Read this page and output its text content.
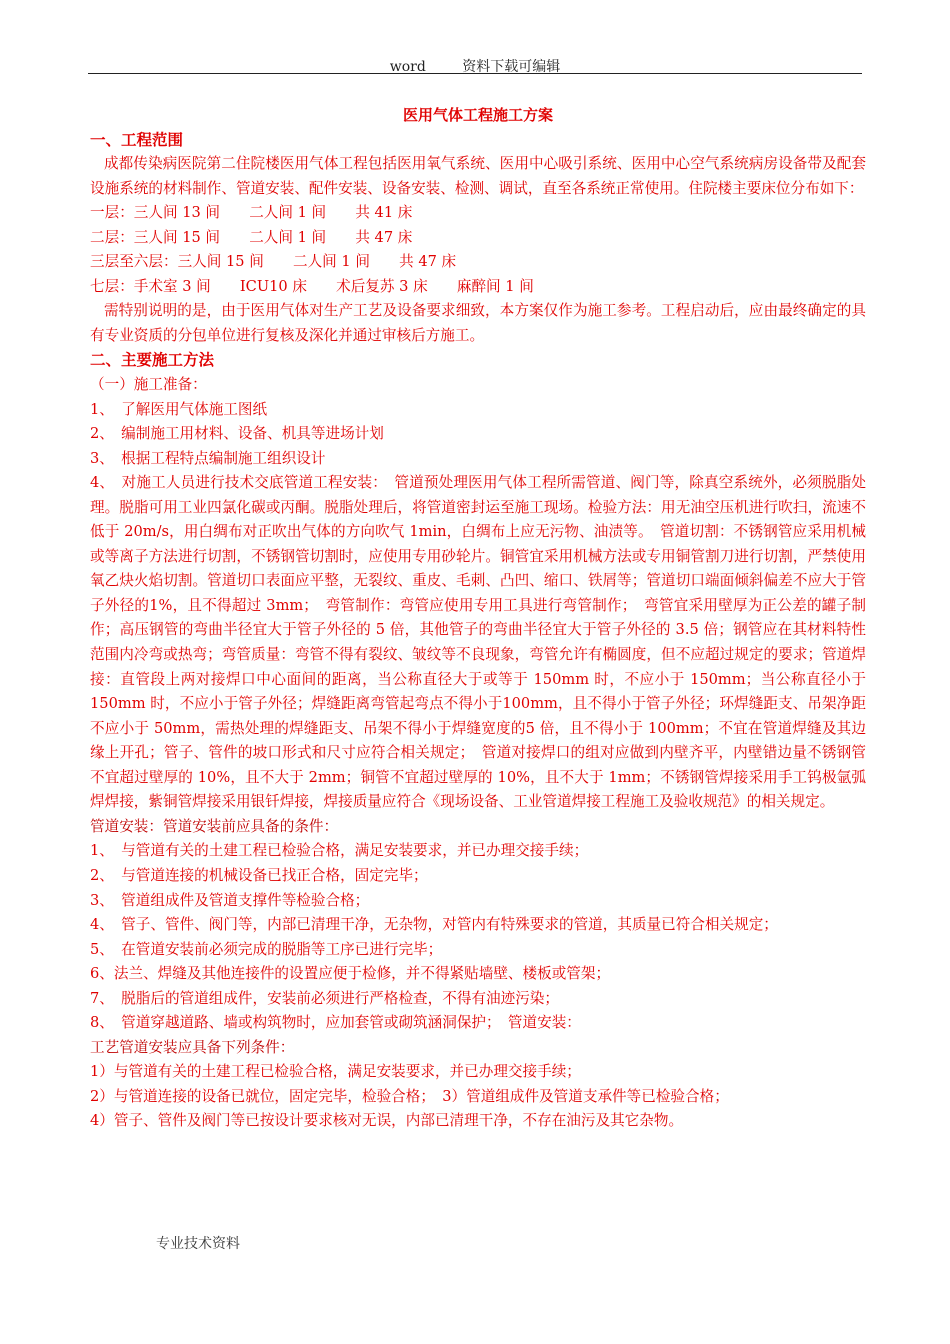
word	资料下载可编辑

医用气体工程施工方案

一、工程范围

成都传染病医院第二住院楼医用气体工程包括医用氧气系统、医用中心吸引系统、医用中心空气系统病房设备带及配套设施系统的材料制作、管道安装、配件安装、设备安装、检测、调试，直至各系统正常使用。住院楼主要床位分布如下：

一层：三人间 13 间　　二人间 1 间　　共 41 床

二层：三人间 15 间　　二人间 1 间　　共 47 床

三层至六层：三人间 15 间　　二人间 1 间　　共 47 床

七层：手术室 3 间　　ICU10 床　　术后复苏 3 床　　麻醉间 1 间

需特别说明的是，由于医用气体对生产工艺及设备要求细致，本方案仅作为施工参考。工程启动后，应由最终确定的具有专业资质的分包单位进行复核及深化并通过审核后方施工。

二、主要施工方法

（一）施工准备：

1、　了解医用气体施工图纸

2、　编制施工用材料、设备、机具等进场计划

3、　根据工程特点编制施工组织设计

4、　对施工人员进行技术交底管道工程安装：　管道预处理医用气体工程所需管道、阀门等，除真空系统外，必须脱脂处理。脱脂可用工业四氯化碳或丙酮。脱脂处理后，将管道密封运至施工现场。检验方法：用无油空压机进行吹扫，流速不低于 20m/s，用白绸布对正吹出气体的方向吹气 1min，白绸布上应无污物、油渍等。　管道切割：不锈钢管应采用机械或等离子方法进行切割，不锈钢管切割时，应使用专用砂轮片。铜管宜采用机械方法或专用铜管割刀进行切割，严禁使用氧乙炔火焰切割。管道切口表面应平整，无裂纹、重皮、毛刺、凸凹、缩口、铁屑等；管道切口端面倾斜偏差不应大于管子外径的1%，且不得超过 3mm；　弯管制作：弯管应使用专用工具进行弯管制作；　弯管宜采用壁厚为正公差的罐子制作；高压钢管的弯曲半径宜大于管子外径的 5 倍，其他管子的弯曲半径宜大于管子外径的 3.5 倍；钢管应在其材料特性范围内冷弯或热弯；弯管质量：弯管不得有裂纹、皱纹等不良现象，弯管允许有椭圆度，但不应超过规定的要求；管道焊接：直管段上两对接焊口中心面间的距离，当公称直径大于或等于 150mm 时，不应小于 150mm；当公称直径小于 150mm 时，不应小于管子外径；焊缝距离弯管起弯点不得小于100mm，且不得小于管子外径；环焊缝距支、吊架净距不应小于 50mm，需热处理的焊缝距支、吊架不得小于焊缝宽度的5 倍，且不得小于 100mm；不宜在管道焊缝及其边缘上开孔；管子、管件的坡口形式和尺寸应符合相关规定；　管道对接焊口的组对应做到内壁齐平，内壁错边量不锈钢管不宜超过壁厚的 10%，且不大于 2mm；铜管不宜超过壁厚的 10%，且不大于 1mm；不锈钢管焊接采用手工钨极氩弧焊焊接，紫铜管焊接采用银钎焊接，焊接质量应符合《现场设备、工业管道焊接工程施工及验收规范》的相关规定。

管道安装：管道安装前应具备的条件：

1、　与管道有关的土建工程已检验合格，满足安装要求，并已办理交接手续；

2、　与管道连接的机械设备已找正合格，固定完毕；

3、　管道组成件及管道支撑件等检验合格；

4、　管子、管件、阀门等，内部已清理干净，无杂物，对管内有特殊要求的管道，其质量已符合相关规定；

5、　在管道安装前必须完成的脱脂等工序已进行完毕；

6、法兰、焊缝及其他连接件的设置应便于检修，并不得紧贴墙壁、楼板或管架；

7、　脱脂后的管道组成件，安装前必须进行严格检查，不得有油迹污染；

8、　管道穿越道路、墙或构筑物时，应加套管或砌筑涵洞保护；　管道安装：

工艺管道安装应具备下列条件：

1）与管道有关的土建工程已检验合格，满足安装要求，并已办理交接手续；

2）与管道连接的设备已就位，固定完毕，检验合格；　3）管道组成件及管道支承件等已检验合格；

4）管子、管件及阀门等已按设计要求核对无误，内部已清理干净，不存在油污及其它杂物。

专业技术资料
